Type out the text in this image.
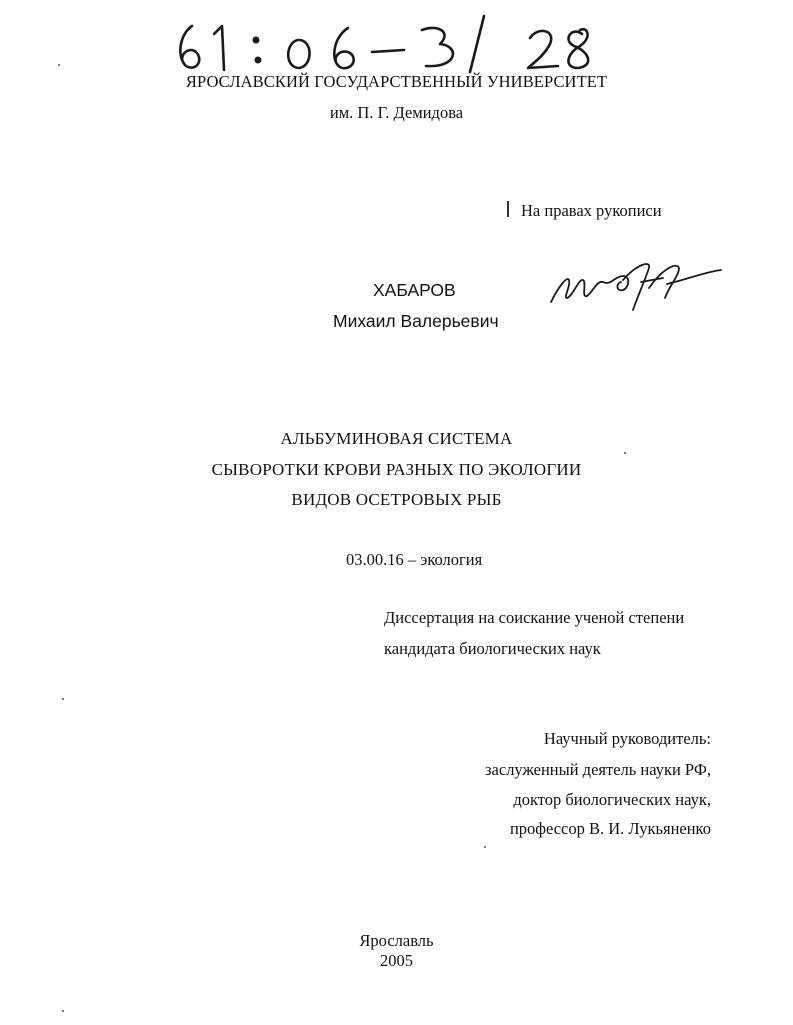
ЯРОСЛАВСКИЙ ГОСУДАРСТВЕННЫЙ УНИВЕРСИТЕТ
им. П. Г. Демидова
На правах рукописи
ХАБАРОВ
Михаил Валерьевич
АЛЬБУМИНОВАЯ СИСТЕМА
СЫВОРОТКИ КРОВИ РАЗНЫХ ПО ЭКОЛОГИИ
ВИДОВ ОСЕТРОВЫХ РЫБ
03.00.16 – экология
Диссертация на соискание ученой степени
кандидата биологических наук
Научный руководитель:
заслуженный деятель науки РФ,
доктор биологических наук,
профессор В. И. Лукьяненко
Ярославль
2005
